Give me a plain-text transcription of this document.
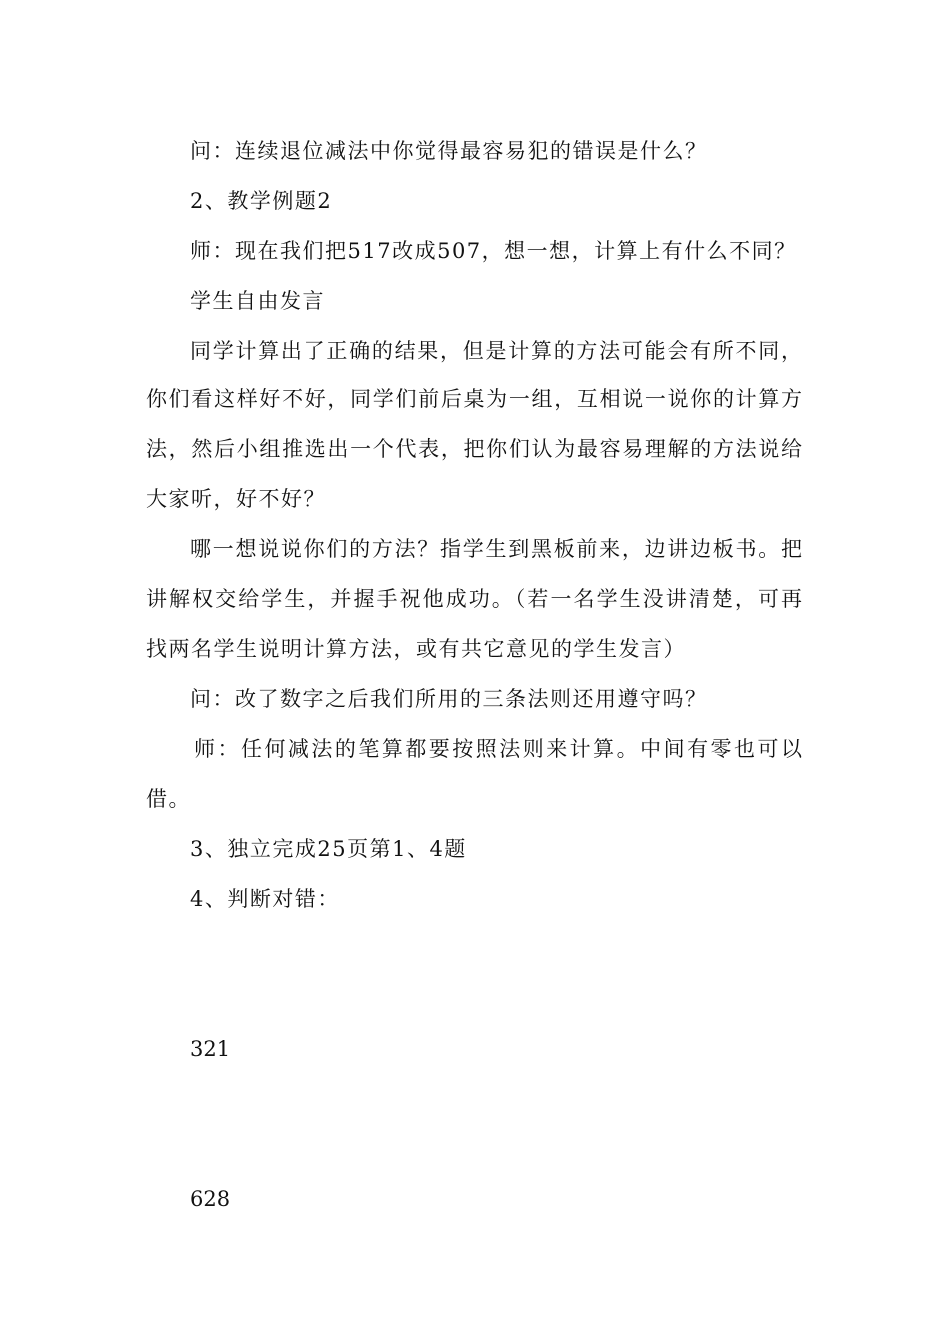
问：连续退位减法中你觉得最容易犯的错误是什么？
2、教学例题2
师：现在我们把517改成507，想一想，计算上有什么不同？
学生自由发言
同学计算出了正确的结果，但是计算的方法可能会有所不同，
你们看这样好不好，同学们前后桌为一组，互相说一说你的计算方
法，然后小组推选出一个代表，把你们认为最容易理解的方法说给
大家听，好不好？
哪一想说说你们的方法？指学生到黑板前来，边讲边板书。把
讲解权交给学生，并握手祝他成功。（若一名学生没讲清楚，可再
找两名学生说明计算方法，或有共它意见的学生发言）
问：改了数字之后我们所用的三条法则还用遵守吗？
师：任何减法的笔算都要按照法则来计算。中间有零也可以
借。
3、独立完成25页第1、4题
4、判断对错：
321
628
